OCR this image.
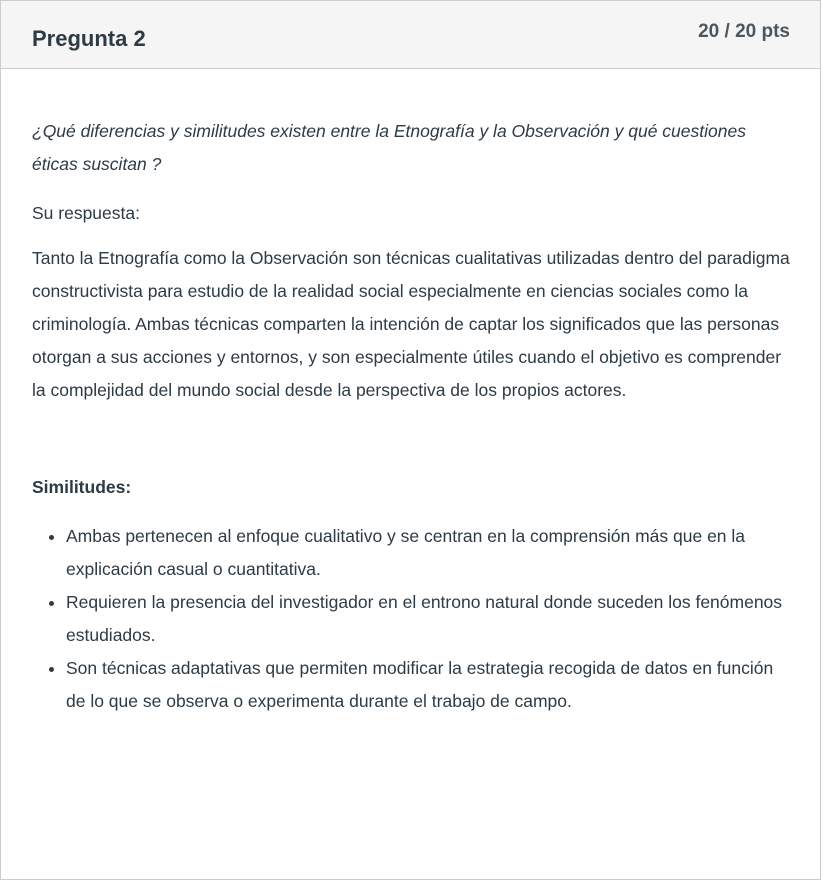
Pregunta 2	20 / 20 pts

¿Qué diferencias y similitudes existen entre la Etnografía y la Observación y qué cuestiones éticas suscitan ?

Su respuesta:

Tanto la Etnografía como la Observación son técnicas cualitativas utilizadas dentro del paradigma constructivista para estudio de la realidad social especialmente en ciencias sociales como la criminología. Ambas técnicas comparten la intención de captar los significados que las personas otorgan a sus acciones y entornos, y son especialmente útiles cuando el objetivo es comprender la complejidad del mundo social desde la perspectiva de los propios actores.

Similitudes:

• Ambas pertenecen al enfoque cualitativo y se centran en la comprensión más que en la explicación casual o cuantitativa.
• Requieren la presencia del investigador en el entrono natural donde suceden los fenómenos estudiados.
• Son técnicas adaptativas que permiten modificar la estrategia recogida de datos en función de lo que se observa o experimenta durante el trabajo de campo.
